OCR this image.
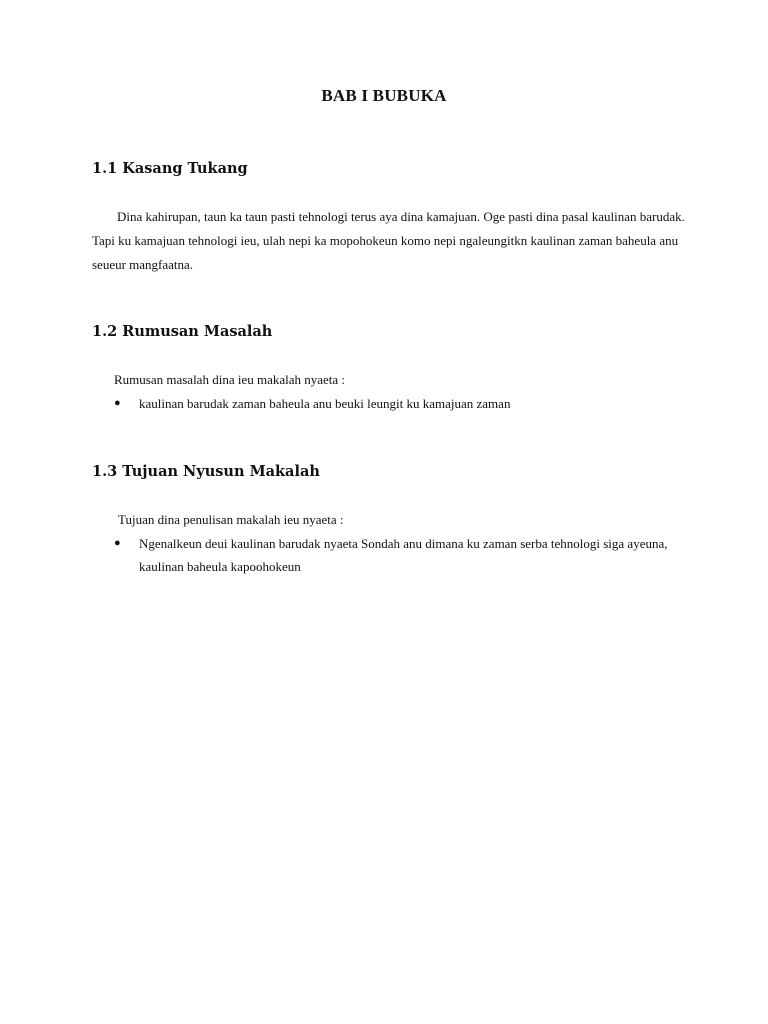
BAB I BUBUKA
1.1 Kasang Tukang
Dina kahirupan, taun ka taun pasti tehnologi terus aya dina kamajuan. Oge pasti dina pasal kaulinan barudak. Tapi ku kamajuan tehnologi ieu, ulah nepi ka mopohokeun komo nepi ngaleungitkn kaulinan zaman baheula anu seueur mangfaatna.
1.2 Rumusan Masalah
Rumusan masalah dina ieu makalah nyaeta :
● kaulinan barudak zaman baheula anu beuki leungit ku kamajuan zaman
1.3 Tujuan Nyusun Makalah
Tujuan dina penulisan makalah ieu nyaeta :
● Ngenalkeun deui kaulinan barudak nyaeta Sondah anu dimana ku zaman serba tehnologi siga ayeuna, kaulinan baheula kapoohokeun
